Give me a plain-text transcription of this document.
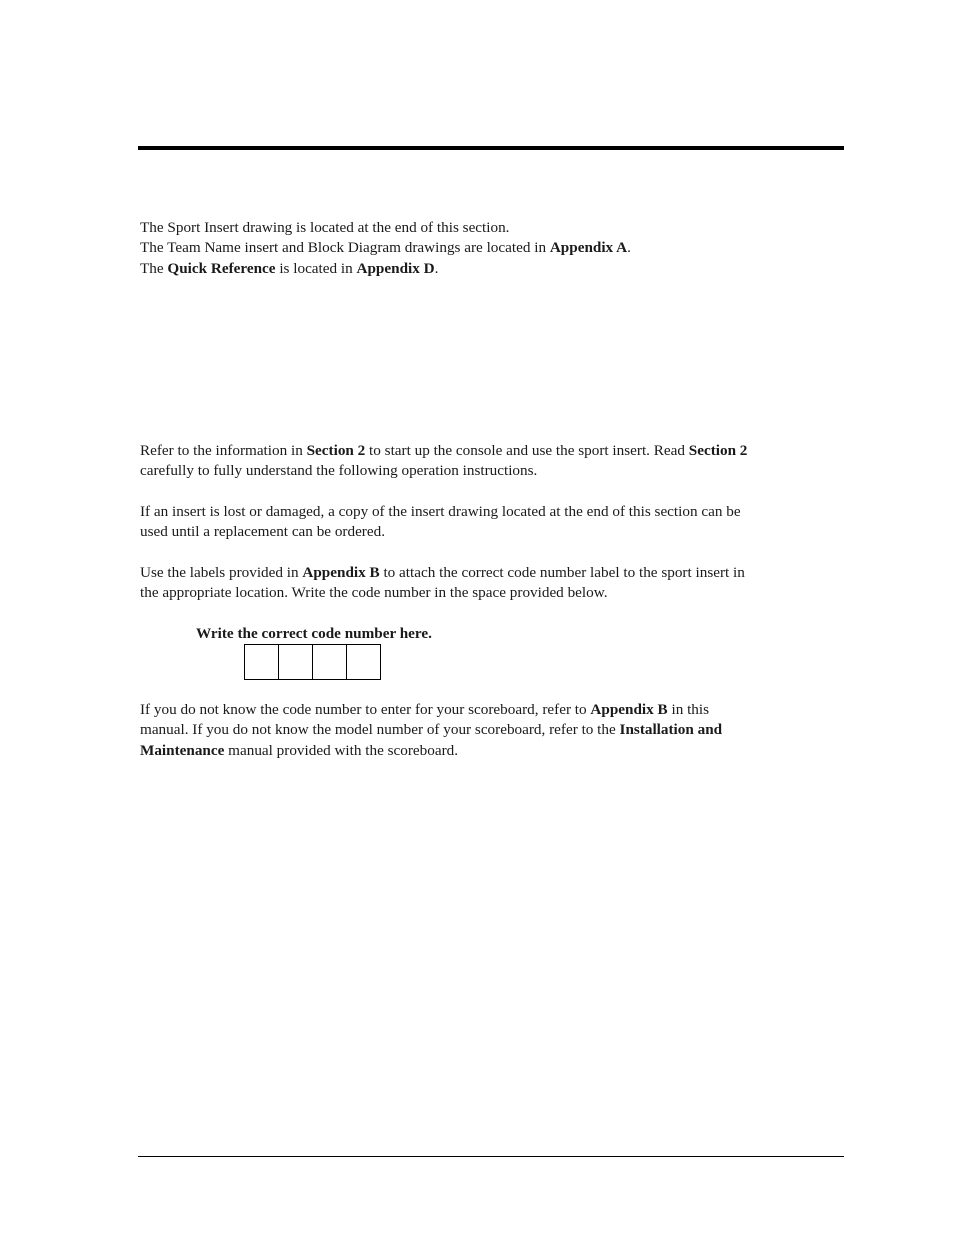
The Sport Insert drawing is located at the end of this section.
The Team Name insert and Block Diagram drawings are located in Appendix A.
The Quick Reference is located in Appendix D.
Refer to the information in Section 2 to start up the console and use the sport insert. Read Section 2
carefully to fully understand the following operation instructions.
If an insert is lost or damaged, a copy of the insert drawing located at the end of this section can be
used until a replacement can be ordered.
Use the labels provided in Appendix B to attach the correct code number label to the sport insert in
the appropriate location. Write the code number in the space provided below.
Write the correct code number here.
If you do not know the code number to enter for your scoreboard, refer to Appendix B in this
manual. If you do not know the model number of your scoreboard, refer to the Installation and
Maintenance manual provided with the scoreboard.
